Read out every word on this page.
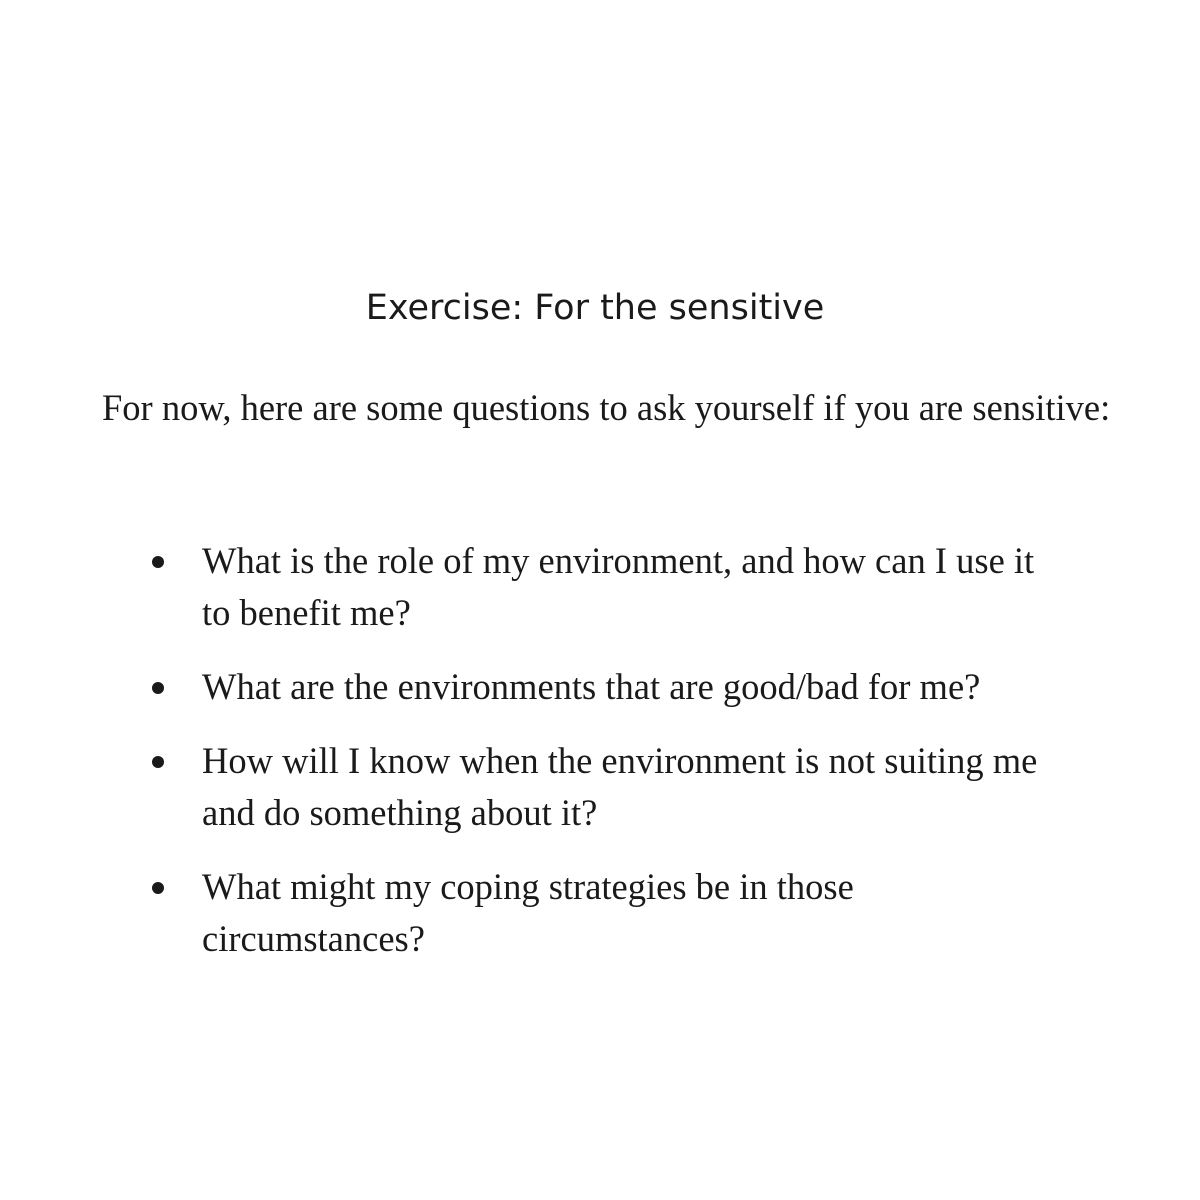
Exercise: For the sensitive

For now, here are some questions to ask yourself if you are sensitive:

What is the role of my environment, and how can I use it to benefit me?
What are the environments that are good/bad for me?
How will I know when the environment is not suiting me and do something about it?
What might my coping strategies be in those circumstances?
